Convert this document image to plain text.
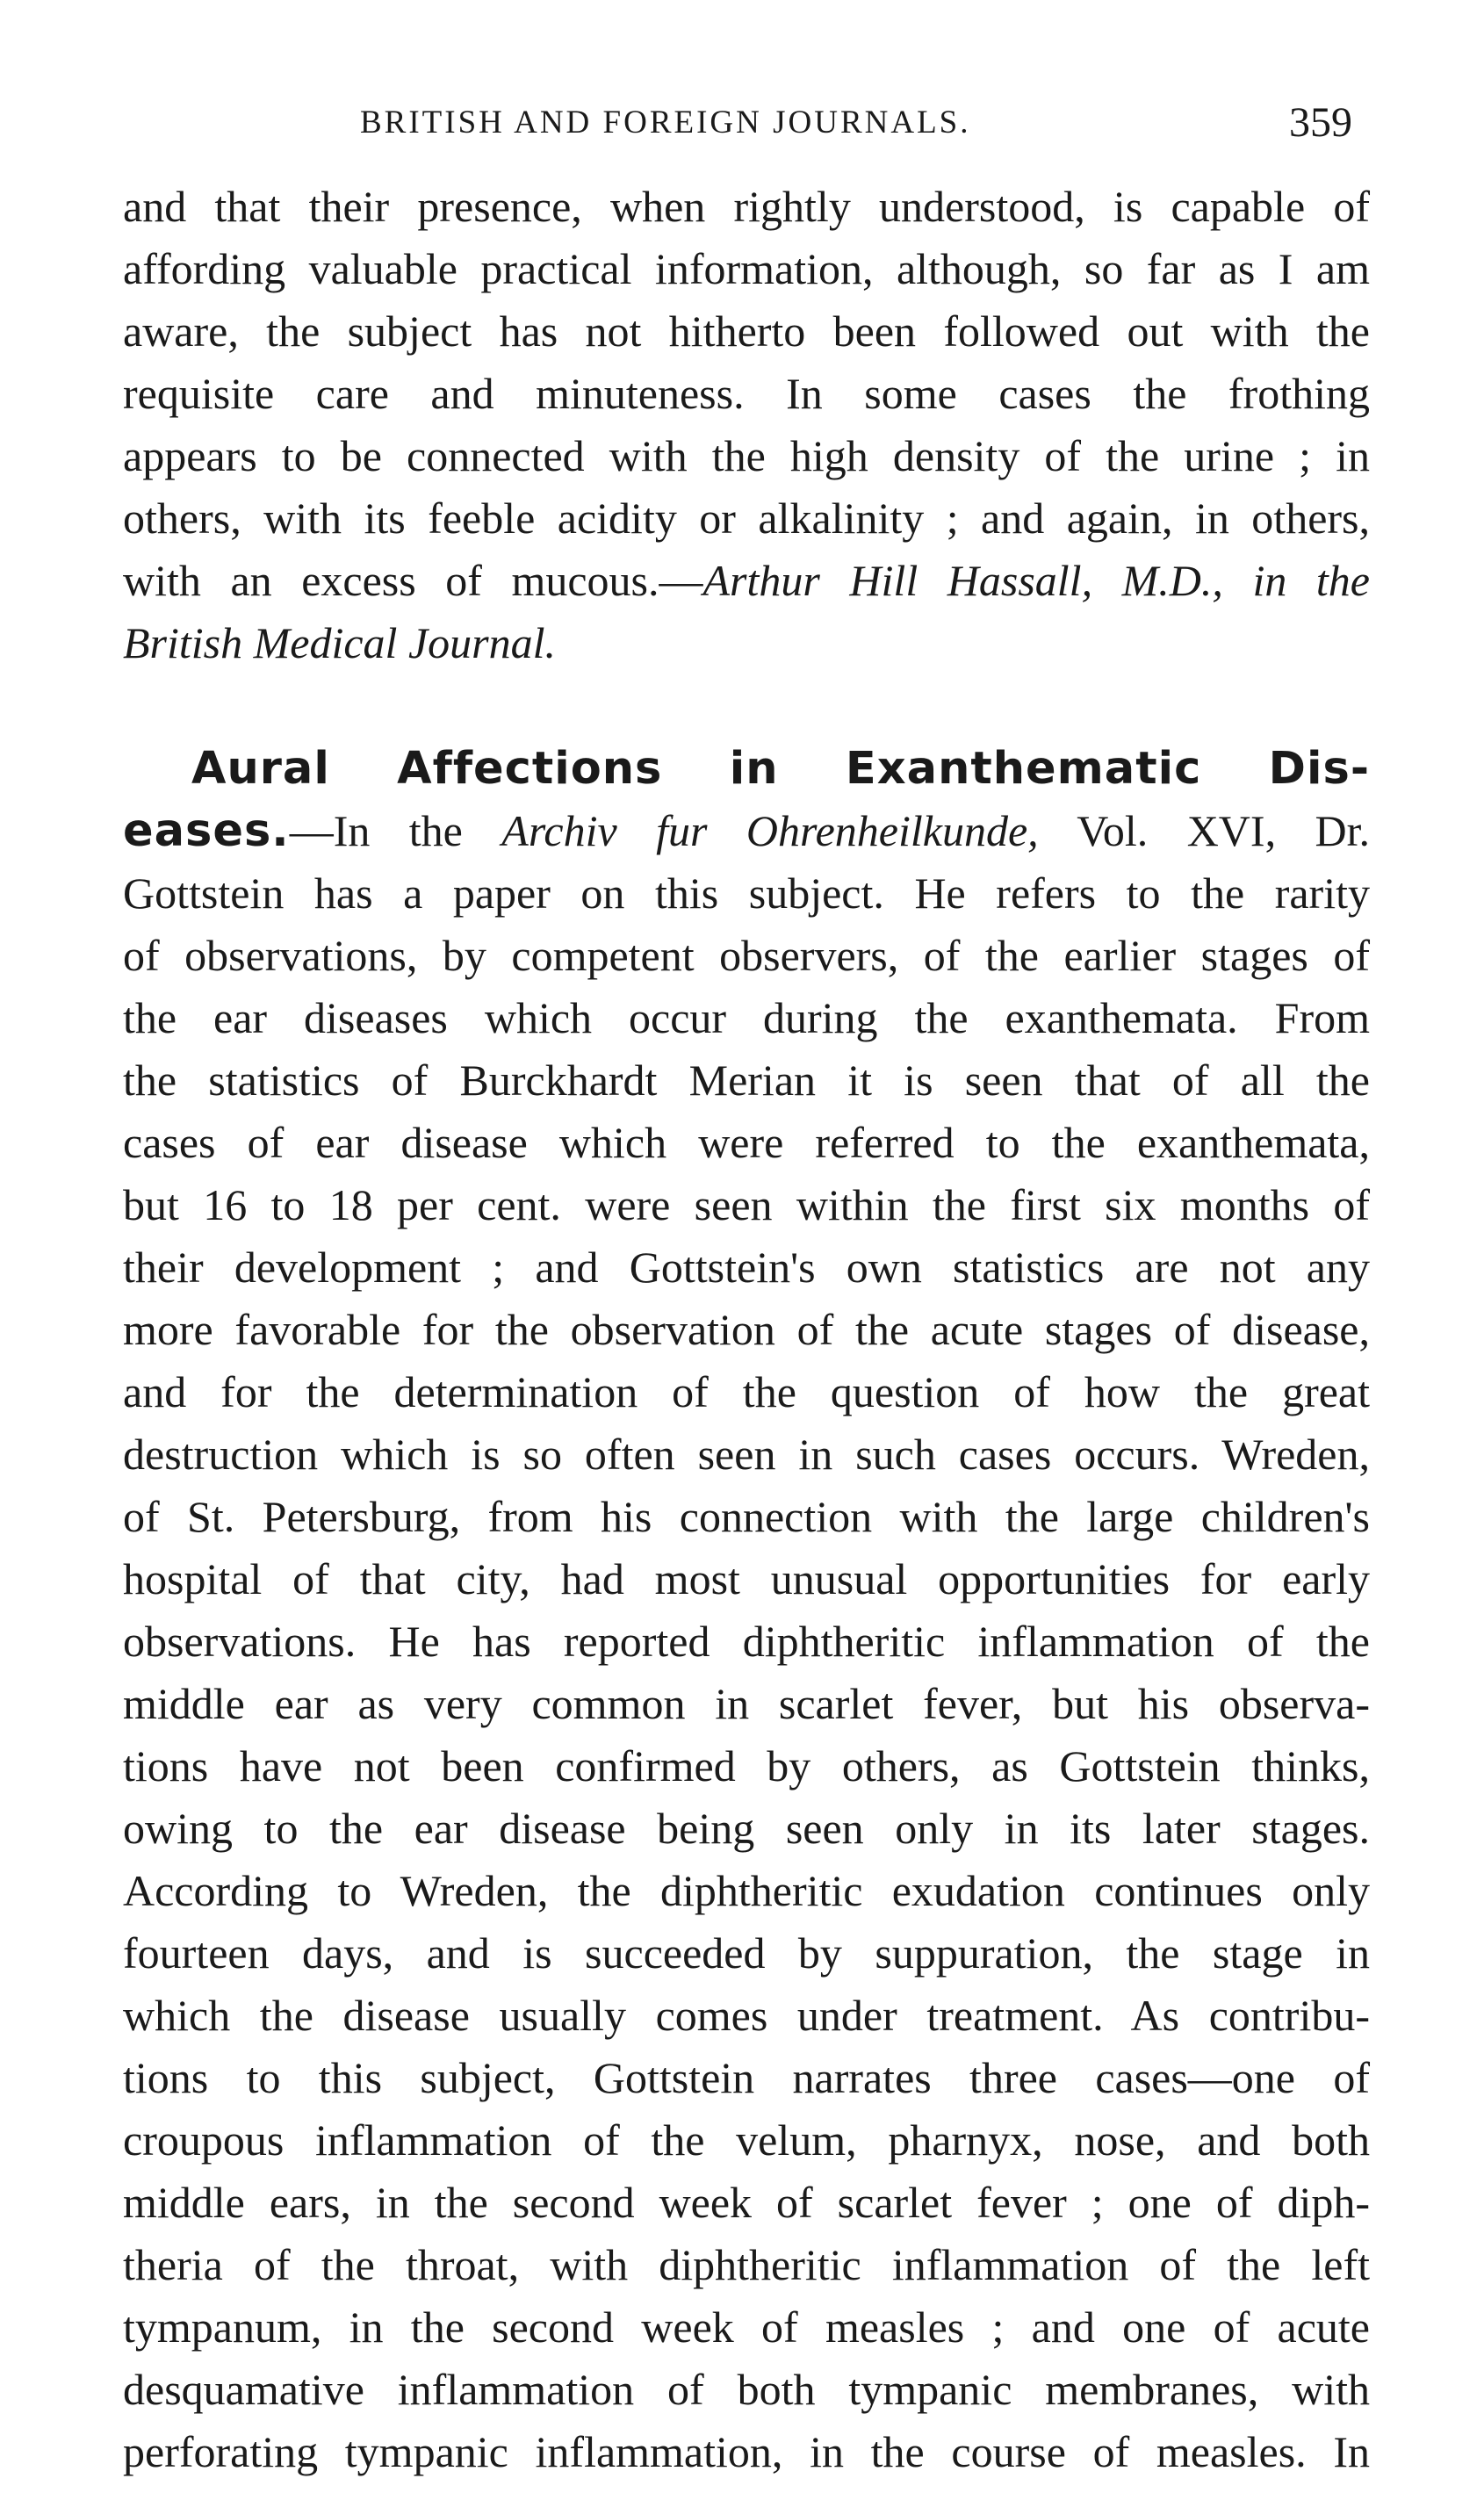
BRITISH AND FOREIGN JOURNALS.	359
and that their presence, when rightly understood, is capable of
affording valuable practical information, although, so far as I am
aware, the subject has not hitherto been followed out with the
requisite care and minuteness. In some cases the frothing
appears to be connected with the high density of the urine ; in
others, with its feeble acidity or alkalinity ; and again, in others,
with an excess of mucous.—Arthur Hill Hassall, M.D., in the
British Medical Journal.
Aural Affections in Exanthematic Dis-
eases.—In the Archiv fur Ohrenheilkunde, Vol. XVI, Dr.
Gottstein has a paper on this subject. He refers to the rarity
of observations, by competent observers, of the earlier stages of
the ear diseases which occur during the exanthemata. From
the statistics of Burckhardt Merian it is seen that of all the
cases of ear disease which were referred to the exanthemata,
but 16 to 18 per cent. were seen within the first six months of
their development ; and Gottstein's own statistics are not any
more favorable for the observation of the acute stages of disease,
and for the determination of the question of how the great
destruction which is so often seen in such cases occurs. Wreden,
of St. Petersburg, from his connection with the large children's
hospital of that city, had most unusual opportunities for early
observations. He has reported diphtheritic inflammation of the
middle ear as very common in scarlet fever, but his observa-
tions have not been confirmed by others, as Gottstein thinks,
owing to the ear disease being seen only in its later stages.
According to Wreden, the diphtheritic exudation continues only
fourteen days, and is succeeded by suppuration, the stage in
which the disease usually comes under treatment. As contribu-
tions to this subject, Gottstein narrates three cases—one of
croupous inflammation of the velum, pharnyx, nose, and both
middle ears, in the second week of scarlet fever ; one of diph-
theria of the throat, with diphtheritic inflammation of the left
tympanum, in the second week of measles ; and one of acute
desquamative inflammation of both tympanic membranes, with
perforating tympanic inflammation, in the course of measles. In
